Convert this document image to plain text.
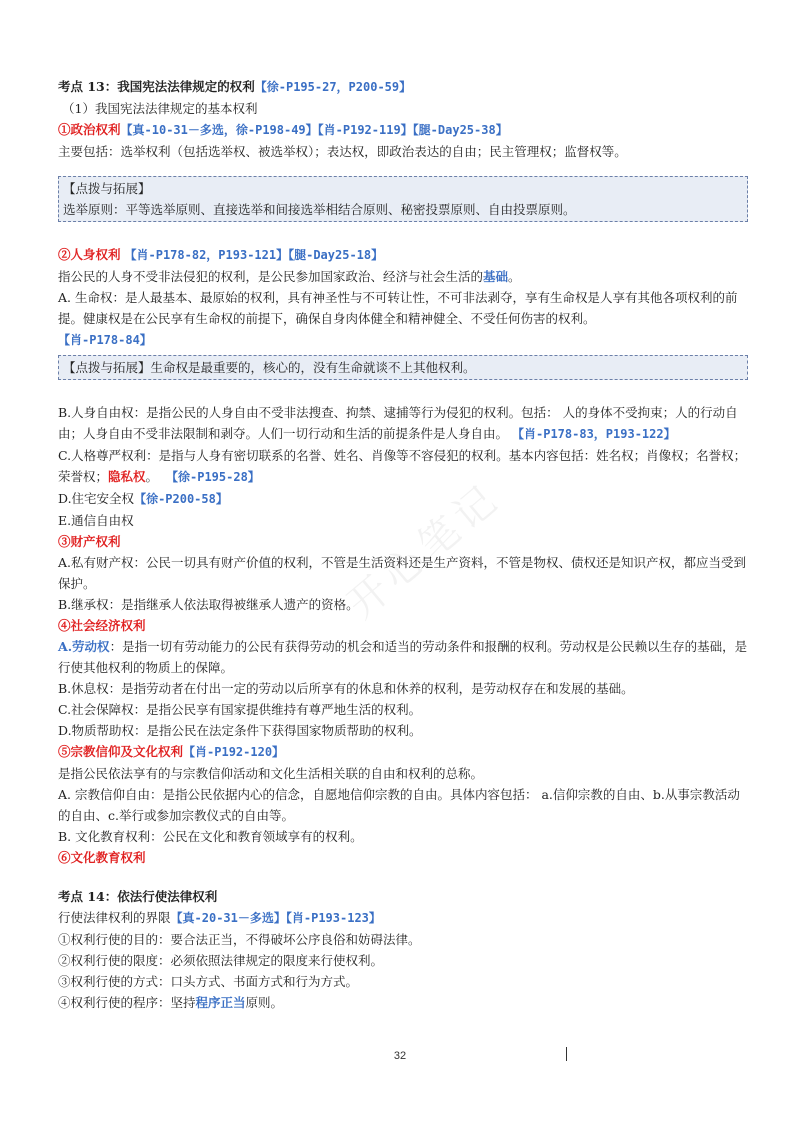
开心笔记
考点 13：我国宪法法律规定的权利【徐-P195-27，P200-59】
（1）我国宪法法律规定的基本权利
①政治权利【真-10-31－多选，徐-P198-49】【肖-P192-119】【腿-Day25-38】
主要包括：选举权利（包括选举权、被选举权）；表达权，即政治表达的自由；民主管理权；监督权等。
【点拨与拓展】
选举原则：平等选举原则、直接选举和间接选举相结合原则、秘密投票原则、自由投票原则。
②人身权利 【肖-P178-82，P193-121】【腿-Day25-18】
指公民的人身不受非法侵犯的权利，是公民参加国家政治、经济与社会生活的基础。
A. 生命权：是人最基本、最原始的权利，具有神圣性与不可转让性，不可非法剥夺，享有生命权是人享有其他各项权利的前提。健康权是在公民享有生命权的前提下，确保自身肉体健全和精神健全、不受任何伤害的权利。
【肖-P178-84】
【点拨与拓展】生命权是最重要的，核心的，没有生命就谈不上其他权利。
B.人身自由权：是指公民的人身自由不受非法搜查、拘禁、逮捕等行为侵犯的权利。包括： 人的身体不受拘束；人的行动自由；人身自由不受非法限制和剥夺。人们一切行动和生活的前提条件是人身自由。 【肖-P178-83，P193-122】
C.人格尊严权利：是指与人身有密切联系的名誉、姓名、肖像等不容侵犯的权利。基本内容包括：姓名权；肖像权；名誉权；荣誉权；隐私权。 【徐-P195-28】
D.住宅安全权【徐-P200-58】
E.通信自由权
③财产权利
A.私有财产权：公民一切具有财产价值的权利，不管是生活资料还是生产资料，不管是物权、债权还是知识产权，都应当受到保护。
B.继承权：是指继承人依法取得被继承人遗产的资格。
④社会经济权利
A.劳动权：是指一切有劳动能力的公民有获得劳动的机会和适当的劳动条件和报酬的权利。劳动权是公民赖以生存的基础，是行使其他权利的物质上的保障。
B.休息权：是指劳动者在付出一定的劳动以后所享有的休息和休养的权利，是劳动权存在和发展的基础。
C.社会保障权：是指公民享有国家提供维持有尊严地生活的权利。
D.物质帮助权：是指公民在法定条件下获得国家物质帮助的权利。
⑤宗教信仰及文化权利【肖-P192-120】
是指公民依法享有的与宗教信仰活动和文化生活相关联的自由和权利的总称。
A. 宗教信仰自由：是指公民依据内心的信念，自愿地信仰宗教的自由。具体内容包括： a.信仰宗教的自由、b.从事宗教活动的自由、c.举行或参加宗教仪式的自由等。
B. 文化教育权利：公民在文化和教育领域享有的权利。
⑥文化教育权利
考点 14：依法行使法律权利
行使法律权利的界限【真-20-31－多选】【肖-P193-123】
①权利行使的目的：要合法正当，不得破坏公序良俗和妨碍法律。
②权利行使的限度：必须依照法律规定的限度来行使权利。
③权利行使的方式：口头方式、书面方式和行为方式。
④权利行使的程序：坚持程序正当原则。
32
